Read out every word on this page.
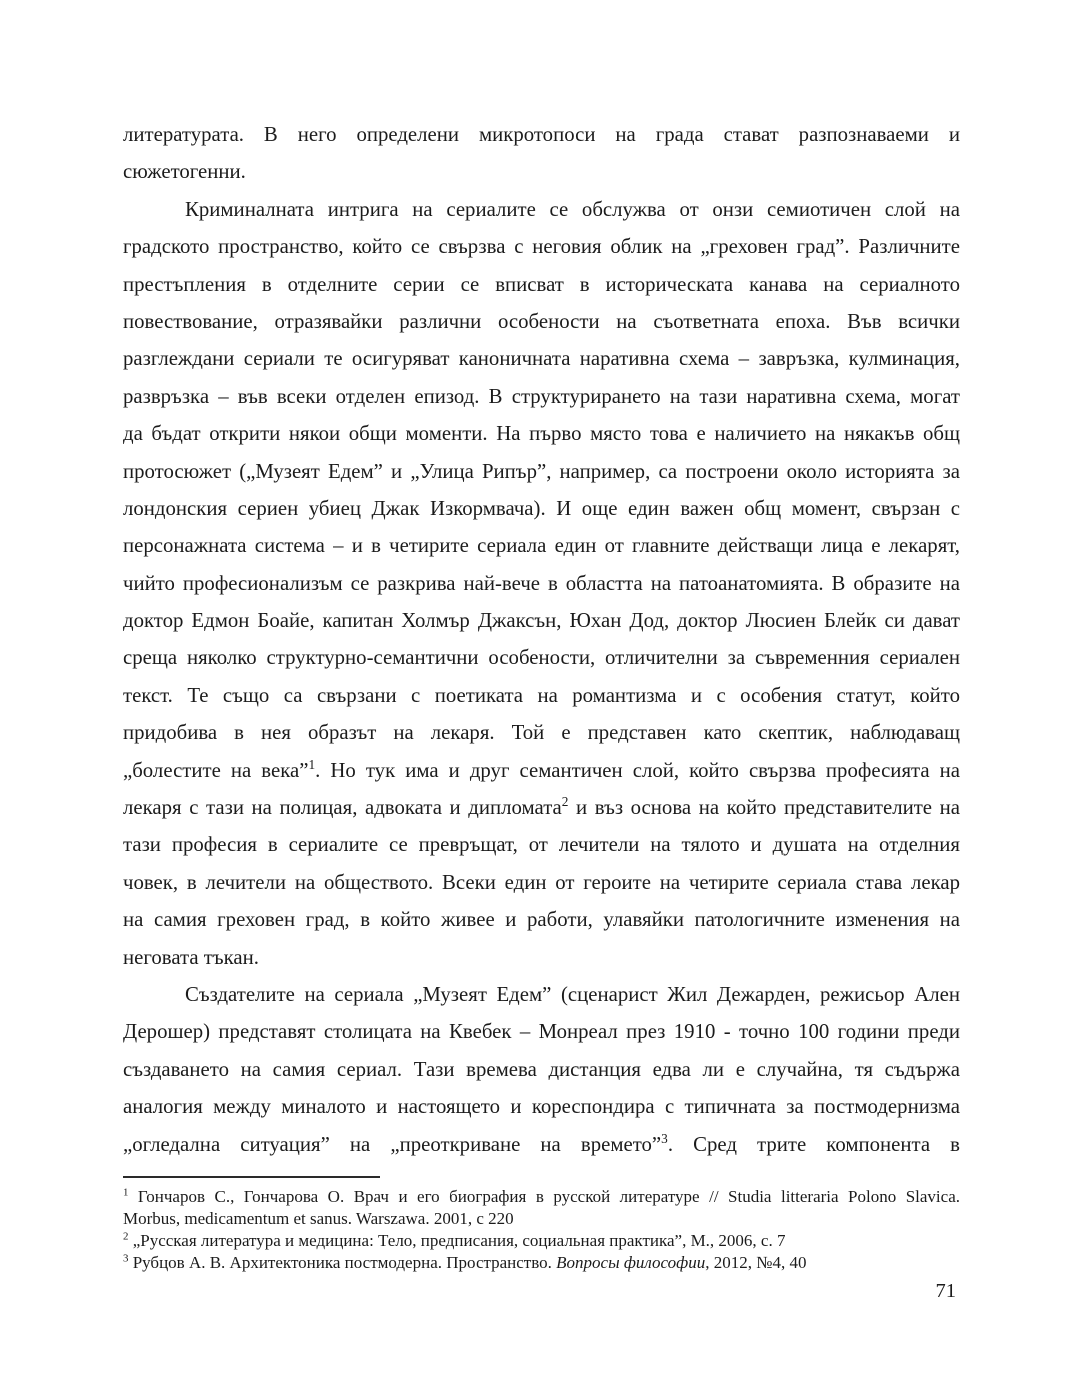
литературата. В него определени микротопоси на града стават разпознаваеми и
сюжетогенни.
Криминалната интрига на сериалите се обслужва от онзи семиотичен слой на
градското пространство, който се свързва с неговия облик на „греховен град”. Различните
престъпления в отделните серии се вписват в историческата канава на сериалното
повествование, отразявайки различни особености на съответната епоха. Във всички
разглеждани сериали те осигуряват каноничната наративна схема – завръзка, кулминация,
развръзка – във всеки отделен епизод. В структурирането на тази наративна схема, могат
да бъдат открити някои общи моменти. На първо място това е наличието на някакъв общ
протосюжет („Музеят Едем” и „Улица Рипър”, например, са построени около историята за
лондонския сериен убиец Джак Изкормвача). И още един важен общ момент, свързан с
персонажната система – и в четирите сериала един от главните действащи лица е лекарят,
чийто професионализъм се разкрива най-вече в областта на патоанатомията. В образите на
доктор Едмон Боайе, капитан Холмър Джаксън, Юхан Дод, доктор Люсиен Блейк си дават
среща няколко структурно-семантични особености, отличителни за съвременния сериален
текст. Те също са свързани с поетиката на романтизма и с особения статут, който
придобива в нея образът на лекаря. Той е представен като скептик, наблюдаващ
„болестите на века”$^1$. Но тук има и друг семантичен слой, който свързва професията на
лекаря с тази на полицая, адвоката и дипломата$^2$ и въз основа на който представителите на
тази професия в сериалите се превръщат, от лечители на тялото и душата на отделния
човек, в лечители на обществото. Всеки един от героите на четирите сериала става лекар
на самия греховен град, в който живее и работи, улавяйки патологичните изменения на
неговата тъкан.
Създателите на сериала „Музеят Едем” (сценарист Жил Дежарден, режисьор Ален
Дерошер) представят столицата на Квебек – Монреал през 1910 - точно 100 години преди
създаването на самия сериал. Тази времева дистанция едва ли е случайна, тя съдържа
аналогия между миналото и настоящето и кореспондира с типичната за постмодернизма
„огледална ситуация” на „преоткриване на времето”$^3$. Сред трите компонента в
$^1$ Гончаров С., Гончарова О. Врач и его биография в русской литературе // Studia litteraria Polono Slavica.
Morbus, medicamentum et sanus. Warszawa. 2001, с 220
$^2$ „Русская литература и медицина: Тело, предписания, социальная практика”, М., 2006, с. 7
$^3$ Рубцов А. В. Архитектоника постмодерна. Пространство. Вопросы философии, 2012, №4, 40
71
